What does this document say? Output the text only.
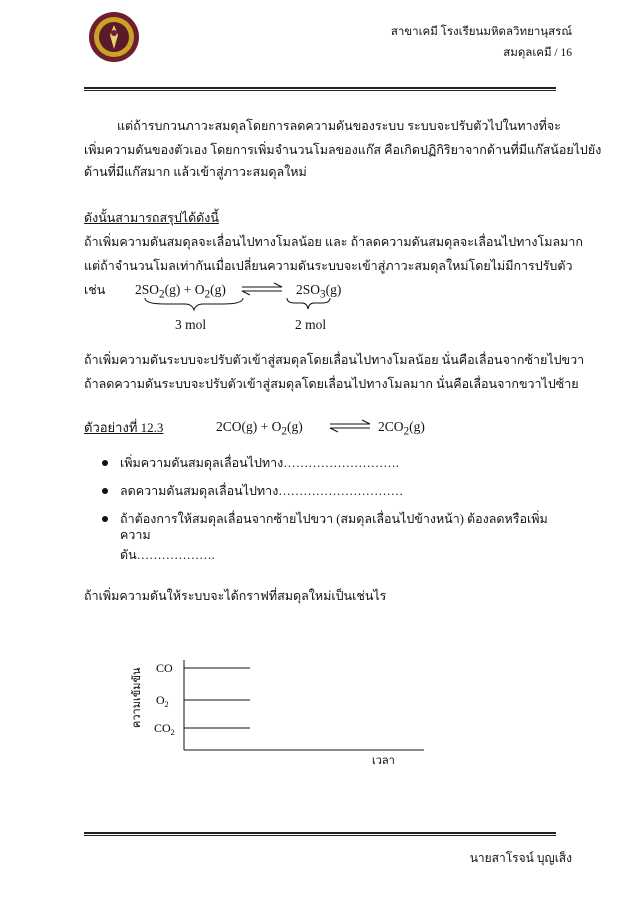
สาขาเคมี โรงเรียนมหิดลวิทยานุสรณ์
สมดุลเคมี / 16
แต่ถ้ารบกวนภาวะสมดุลโดยการลดความดันของระบบ ระบบจะปรับตัวไปในทางที่จะ
เพิ่มความดันของตัวเอง โดยการเพิ่มจำนวนโมลของแก๊ส คือเกิดปฏิกิริยาจากด้านที่มีแก๊สน้อยไปยัง
ด้านที่มีแก๊สมาก แล้วเข้าสู่ภาวะสมดุลใหม่
ดังนั้นสามารถสรุปได้ดังนี้
ถ้าเพิ่มความดันสมดุลจะเลื่อนไปทางโมลน้อย และ ถ้าลดความดันสมดุลจะเลื่อนไปทางโมลมาก
แต่ถ้าจำนวนโมลเท่ากันเมื่อเปลี่ยนความดันระบบจะเข้าสู่ภาวะสมดุลใหม่โดยไม่มีการปรับตัว
เช่น $2SO_2(g) + O_2(g)$ ⇌ $2SO_3(g)$
3 mol	2 mol
ถ้าเพิ่มความดันระบบจะปรับตัวเข้าสู่สมดุลโดยเลื่อนไปทางโมลน้อย นั่นคือเลื่อนจากซ้ายไปขวา
ถ้าลดความดันระบบจะปรับตัวเข้าสู่สมดุลโดยเลื่อนไปทางโมลมาก นั่นคือเลื่อนจากขวาไปซ้าย
ตัวอย่างที่ 12.3	$2CO(g) + O_2(g)$	$2CO_2(g)$
เพิ่มความดันสมดุลเลื่อนไปทาง……………………….
ลดความดันสมดุลเลื่อนไปทาง…………………………
ถ้าต้องการให้สมดุลเลื่อนจากซ้ายไปขวา (สมดุลเลื่อนไปข้างหน้า) ต้องลดหรือเพิ่มความ
ดัน……………….
ถ้าเพิ่มความดันให้ระบบจะได้กราฟที่สมดุลใหม่เป็นเช่นไร
CO
$O_2$
$CO_2$
ความเข้มข้น
เวลา
นายสาโรจน์ บุญเส็ง
